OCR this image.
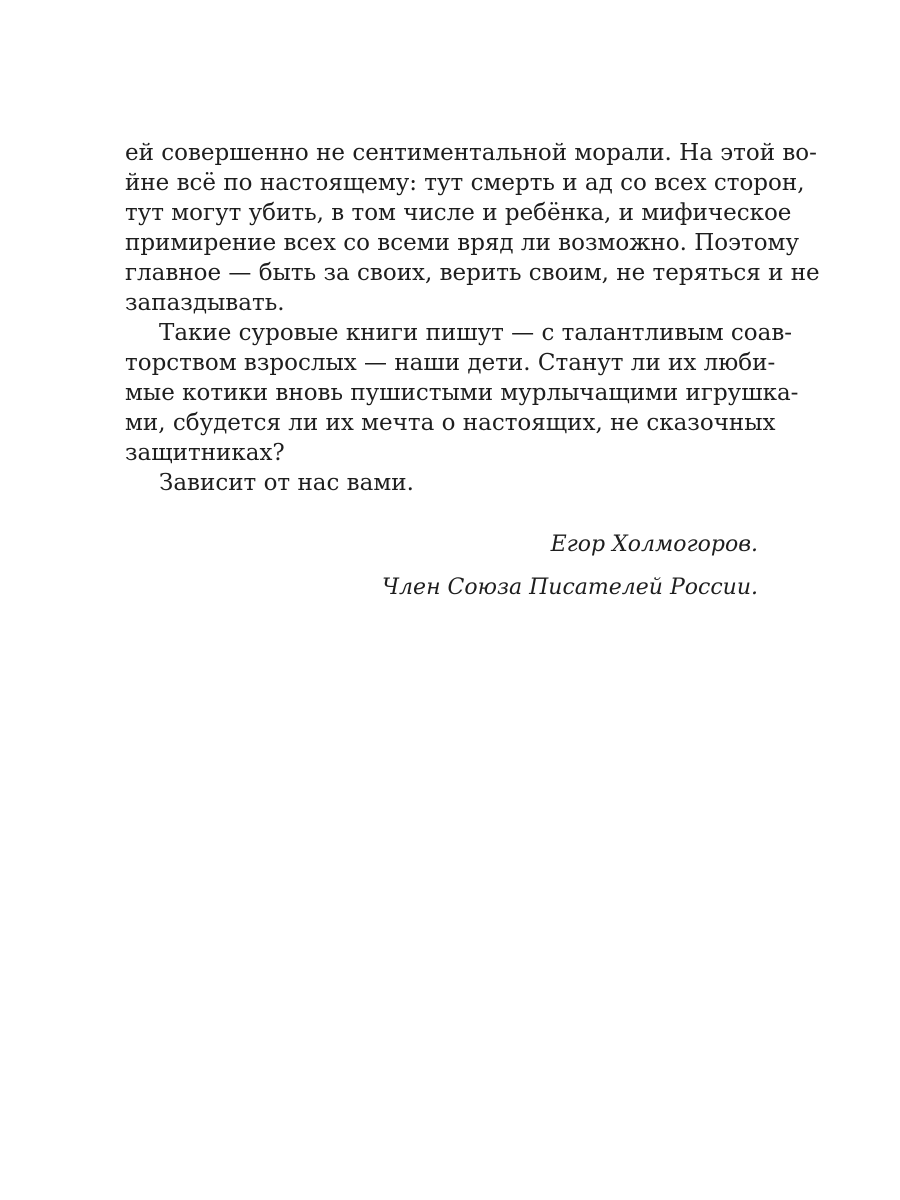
ей совершенно не сентиментальной морали. На этой во-
йне всё по настоящему: тут смерть и ад со всех сторон,
тут могут убить, в том числе и ребёнка, и мифическое
примирение всех со всеми вряд ли возможно. Поэтому
главное — быть за своих, верить своим, не теряться и не
запаздывать.
Такие суровые книги пишут — с талантливым соав-
торством взрослых — наши дети. Станут ли их люби-
мые котики вновь пушистыми мурлычащими игрушка-
ми, сбудется ли их мечта о настоящих, не сказочных
защитниках?
Зависит от нас вами.
Егор Холмогоров.
Член Союза Писателей России.
